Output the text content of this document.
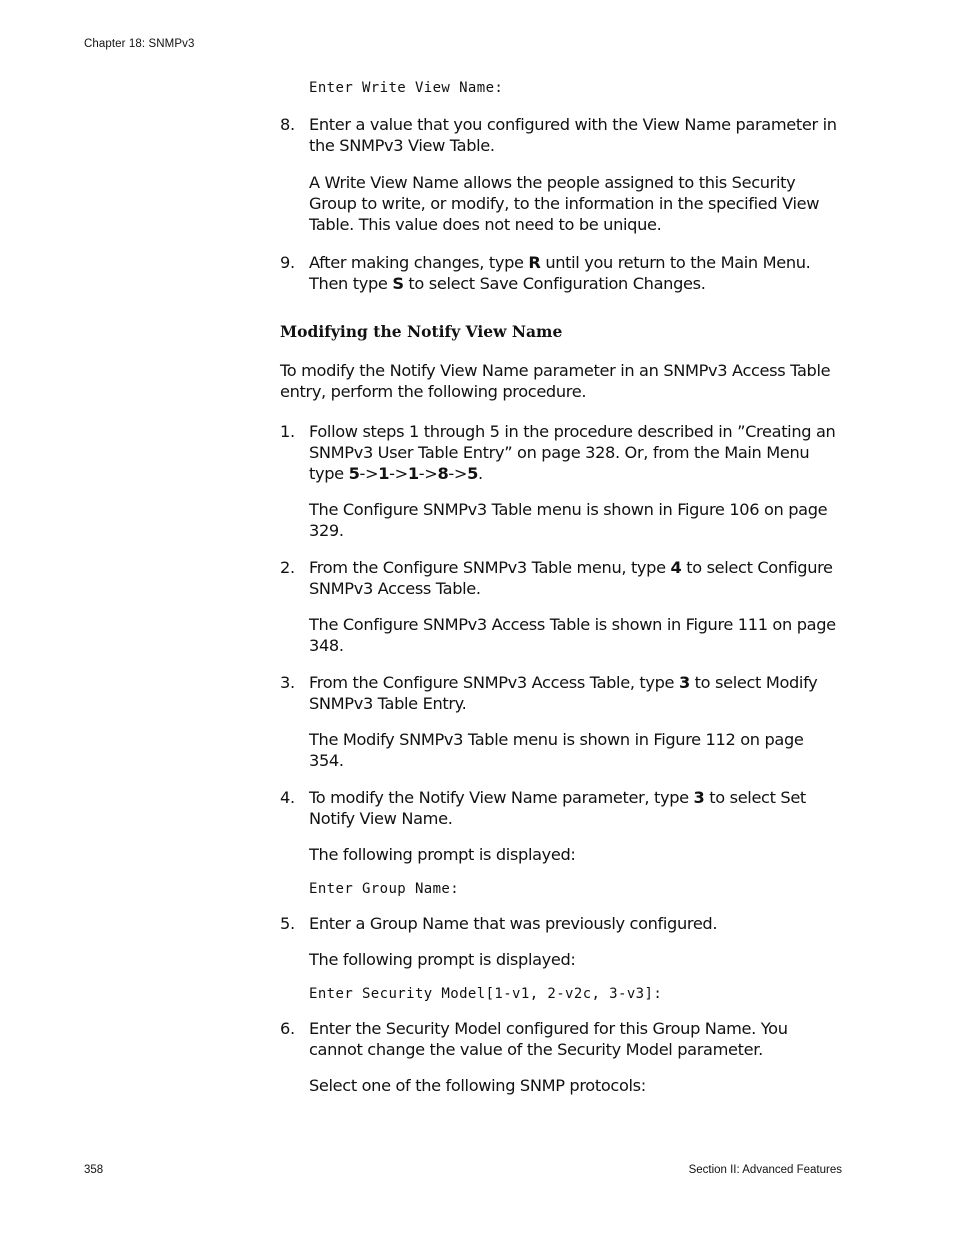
Chapter 18: SNMPv3
Enter Write View Name:
8. Enter a value that you configured with the View Name parameter in the SNMPv3 View Table.
A Write View Name allows the people assigned to this Security Group to write, or modify, to the information in the specified View Table. This value does not need to be unique.
9. After making changes, type R until you return to the Main Menu. Then type S to select Save Configuration Changes.
Modifying the Notify View Name
To modify the Notify View Name parameter in an SNMPv3 Access Table entry, perform the following procedure.
1. Follow steps 1 through 5 in the procedure described in ”Creating an SNMPv3 User Table Entry” on page 328. Or, from the Main Menu type 5->1->1->8->5.
The Configure SNMPv3 Table menu is shown in Figure 106 on page 329.
2. From the Configure SNMPv3 Table menu, type 4 to select Configure SNMPv3 Access Table.
The Configure SNMPv3 Access Table is shown in Figure 111 on page 348.
3. From the Configure SNMPv3 Access Table, type 3 to select Modify SNMPv3 Table Entry.
The Modify SNMPv3 Table menu is shown in Figure 112 on page 354.
4. To modify the Notify View Name parameter, type 3 to select Set Notify View Name.
The following prompt is displayed:
Enter Group Name:
5. Enter a Group Name that was previously configured.
The following prompt is displayed:
Enter Security Model[1-v1, 2-v2c, 3-v3]:
6. Enter the Security Model configured for this Group Name. You cannot change the value of the Security Model parameter.
Select one of the following SNMP protocols:
358	Section II: Advanced Features
